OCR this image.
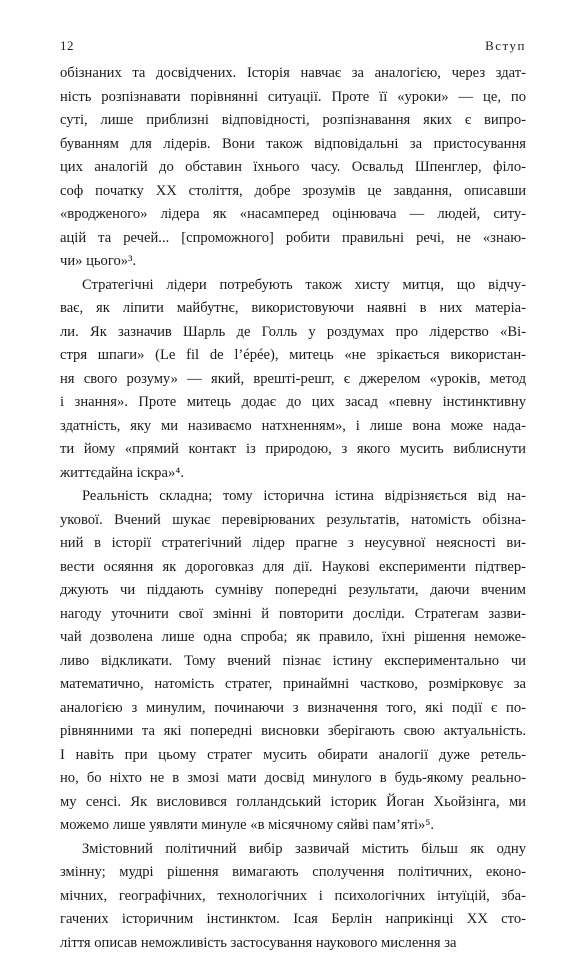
12	Вступ
обізнаних та досвідчених. Історія навчає за аналогією, через здат-
ність розпізнавати порівнянні ситуації. Проте її «уроки» — це, по
суті, лише приблизні відповідності, розпізнавання яких є випро-
буванням для лідерів. Вони також відповідальні за пристосування
цих аналогій до обставин їхнього часу. Освальд Шпенглер, філо-
соф початку XX століття, добре зрозумів це завдання, описавши
«вродженого» лідера як «насамперед оцінювача — людей, ситу-
ацій та речей... [спроможного] робити правильні речі, не «знаю-
чи» цього»³.
Стратегічні лідери потребують також хисту митця, що відчу-
ває, як ліпити майбутнє, використовуючи наявні в них матеріа-
ли. Як зазначив Шарль де Голль у роздумах про лідерство «Ві-
стря шпаги» (Le fil de l’épée), митець «не зрікається використан-
ня свого розуму» — який, врешті-решт, є джерелом «уроків, метод
і знання». Проте митець додає до цих засад «певну інстинктивну
здатність, яку ми називаємо натхненням», і лише вона може нада-
ти йому «прямий контакт із природою, з якого мусить виблиснути
життєдайна іскра»⁴.
Реальність складна; тому історична істина відрізняється від на-
укової. Вчений шукає перевірюваних результатів, натомість обізна-
ний в історії стратегічний лідер прагне з неусувної неясності ви-
вести осяяння як дороговказ для дії. Наукові експерименти підтвер-
джують чи піддають сумніву попередні результати, даючи вченим
нагоду уточнити свої змінні й повторити досліди. Стратегам зазви-
чай дозволена лише одна спроба; як правило, їхні рішення неможе-
ливо відкликати. Тому вчений пізнає істину експериментально чи
математично, натомість стратег, принаймні частково, розмірковує за
аналогією з минулим, починаючи з визначення того, які події є по-
рівнянними та які попередні висновки зберігають свою актуальність.
І навіть при цьому стратег мусить обирати аналогії дуже ретель-
но, бо ніхто не в змозі мати досвід минулого в будь-якому реально-
му сенсі. Як висловився голландський історик Йоган Хьойзінга, ми
можемо лише уявляти минуле «в місячному сяйві пам’яті»⁵.
Змістовний політичний вибір зазвичай містить більш як одну
змінну; мудрі рішення вимагають сполучення політичних, еконо-
мічних, географічних, технологічних і психологічних інтуїцій, зба-
гачених історичним інстинктом. Ісая Берлін наприкінці XX сто-
ліття описав неможливість застосування наукового мислення за
